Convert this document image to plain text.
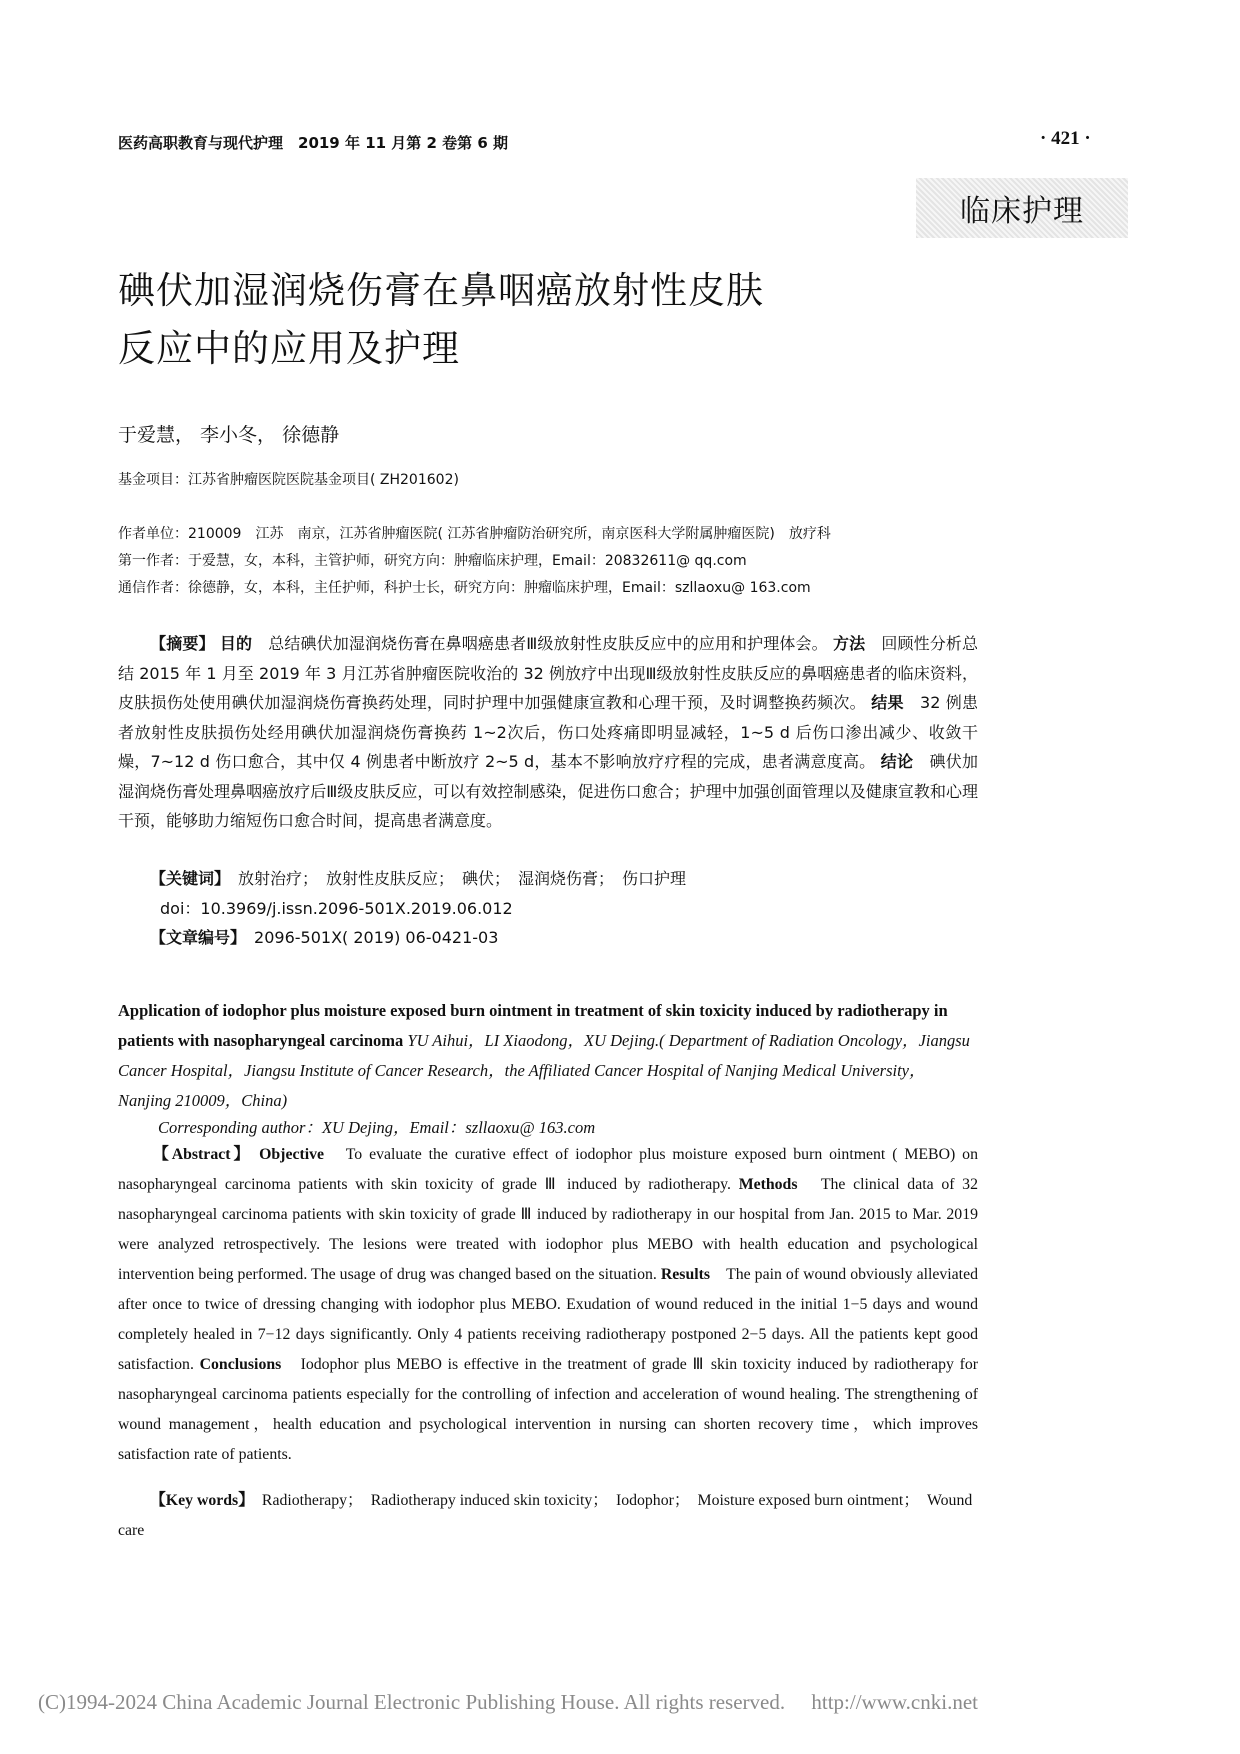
医药高职教育与现代护理　2019 年 11 月第 2 卷第 6 期	· 421 ·
临床护理
碘伏加湿润烧伤膏在鼻咽癌放射性皮肤
反应中的应用及护理
于爱慧， 李小冬， 徐德静
基金项目：江苏省肿瘤医院医院基金项目( ZH201602)
作者单位：210009　江苏　南京，江苏省肿瘤医院( 江苏省肿瘤防治研究所，南京医科大学附属肿瘤医院)　放疗科
第一作者：于爱慧，女，本科，主管护师，研究方向：肿瘤临床护理，Email：20832611@ qq.com
通信作者：徐德静，女，本科，主任护师，科护士长，研究方向：肿瘤临床护理，Email：szllaoxu@ 163.com
【摘要】 目的　 总结碘伏加湿润烧伤膏在鼻咽癌患者Ⅲ级放射性皮肤反应中的应用和护理体会。 方法　 回顾性分析总结 2015 年 1 月至 2019 年 3 月江苏省肿瘤医院收治的 32 例放疗中出现Ⅲ级放射性皮肤反应的鼻咽癌患者的临床资料，皮肤损伤处使用碘伏加湿润烧伤膏换药处理，同时护理中加强健康宣教和心理干预，及时调整换药频次。 结果　 32 例患者放射性皮肤损伤处经用碘伏加湿润烧伤膏换药 1~2次后，伤口处疼痛即明显减轻，1~5 d 后伤口渗出减少、收敛干燥，7~12 d 伤口愈合，其中仅 4 例患者中断放疗 2~5 d，基本不影响放疗疗程的完成，患者满意度高。 结论　 碘伏加湿润烧伤膏处理鼻咽癌放疗后Ⅲ级皮肤反应，可以有效控制感染，促进伤口愈合；护理中加强创面管理以及健康宣教和心理干预，能够助力缩短伤口愈合时间，提高患者满意度。
【关键词】　 放射治疗；　放射性皮肤反应；　碘伏；　湿润烧伤膏；　伤口护理
doi：10.3969/j.issn.2096-501X.2019.06.012
【文章编号】　 2096-501X( 2019) 06-0421-03
Application of iodophor plus moisture exposed burn ointment in treatment of skin toxicity induced by radiotherapy in patients with nasopharyngeal carcinoma YU Aihui，LI Xiaodong，XU Dejing.( Department of Radiation Oncology，Jiangsu Cancer Hospital，Jiangsu Institute of Cancer Research，the Affiliated Cancer Hospital of Nanjing Medical University，Nanjing 210009，China)
Corresponding author：XU Dejing，Email：szllaoxu@ 163.com
【Abstract】 Objective　 To evaluate the curative effect of iodophor plus moisture exposed burn ointment ( MEBO) on nasopharyngeal carcinoma patients with skin toxicity of grade Ⅲ induced by radiotherapy. Methods　 The clinical data of 32 nasopharyngeal carcinoma patients with skin toxicity of grade Ⅲ induced by radiotherapy in our hospital from Jan. 2015 to Mar. 2019 were analyzed retrospectively. The lesions were treated with iodophor plus MEBO with health education and psychological intervention being performed. The usage of drug was changed based on the situation. Results　 The pain of wound obviously alleviated after once to twice of dressing changing with iodophor plus MEBO. Exudation of wound reduced in the initial 1−5 days and wound completely healed in 7−12 days significantly. Only 4 patients receiving radiotherapy postponed 2−5 days. All the patients kept good satisfaction. Conclusions　 Iodophor plus MEBO is effective in the treatment of grade Ⅲ skin toxicity induced by radiotherapy for nasopharyngeal carcinoma patients especially for the controlling of infection and acceleration of wound healing. The strengthening of wound management，health education and psychological intervention in nursing can shorten recovery time，which improves satisfaction rate of patients.
【Key words】　 Radiotherapy；　Radiotherapy induced skin toxicity；　Iodophor；　Moisture exposed burn ointment；　Wound care
(C)1994-2024 China Academic Journal Electronic Publishing House. All rights reserved.　 http://www.cnki.net
